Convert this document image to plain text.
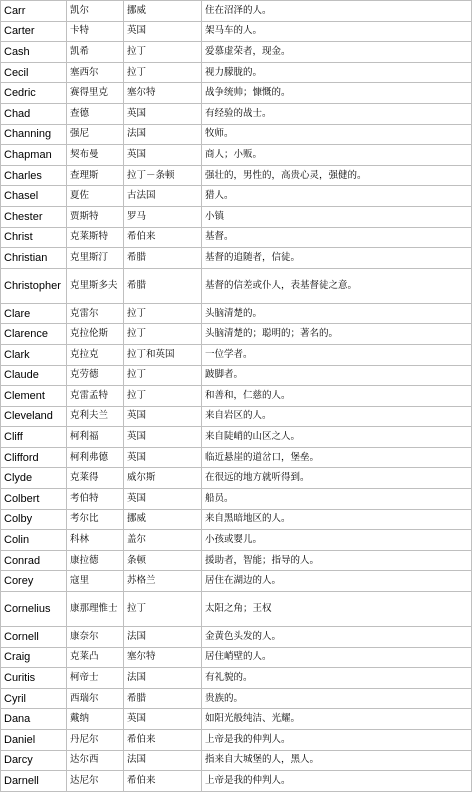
Carr	凯尔	挪威	住在沼泽的人。
Carter	卡特	英国	架马车的人。
Cash	凯希	拉丁	爱慕虚荣者，现金。
Cecil	塞西尔	拉丁	视力朦胧的。
Cedric	赛得里克	塞尔特	战争统帅；慷慨的。
Chad	查德	英国	有经验的战士。
Channing	强尼	法国	牧师。
Chapman	契布曼	英国	商人；小贩。
Charles	查理斯	拉丁－条顿	强壮的，男性的，高贵心灵，强健的。
Chasel	夏佐	古法国	猎人。
Chester	贾斯特	罗马	小镇
Christ	克莱斯特	希伯来	基督。
Christian	克里斯汀	希腊	基督的追随者，信徒。
Christopher	克里斯多夫	希腊	基督的信差或仆人，表基督徒之意。
Clare	克雷尔	拉丁	头脑清楚的。
Clarence	克拉伦斯	拉丁	头脑清楚的；聪明的；著名的。
Clark	克拉克	拉丁和英国	一位学者。
Claude	克劳德	拉丁	跛脚者。
Clement	克雷孟特	拉丁	和善和，仁慈的人。
Cleveland	克利夫兰	英国	来自岩区的人。
Cliff	柯利福	英国	来自陡峭的山区之人。
Clifford	柯利弗德	英国	临近悬崖的道岔口，堡垒。
Clyde	克莱得	威尔斯	在很远的地方就听得到。
Colbert	考伯特	英国	船员。
Colby	考尔比	挪威	来自黑暗地区的人。
Colin	科林	盖尔	小孩或婴儿。
Conrad	康拉德	条顿	援助者，智能；指导的人。
Corey	寇里	苏格兰	居住在湖边的人。
Cornelius	康那理惟士	拉丁	太阳之角；王权
Cornell	康奈尔	法国	金黄色头发的人。
Craig	克莱凸	塞尔特	居住峭壁的人。
Curitis	柯帝士	法国	有礼貌的。
Cyril	西瑞尔	希腊	贵族的。
Dana	戴纳	英国	如阳光般纯洁、光耀。
Daniel	丹尼尔	希伯来	上帝是我的仲判人。
Darcy	达尔西	法国	指来自大城堡的人，黑人。
Darnell	达尼尔	希伯来	上帝是我的仲判人。
